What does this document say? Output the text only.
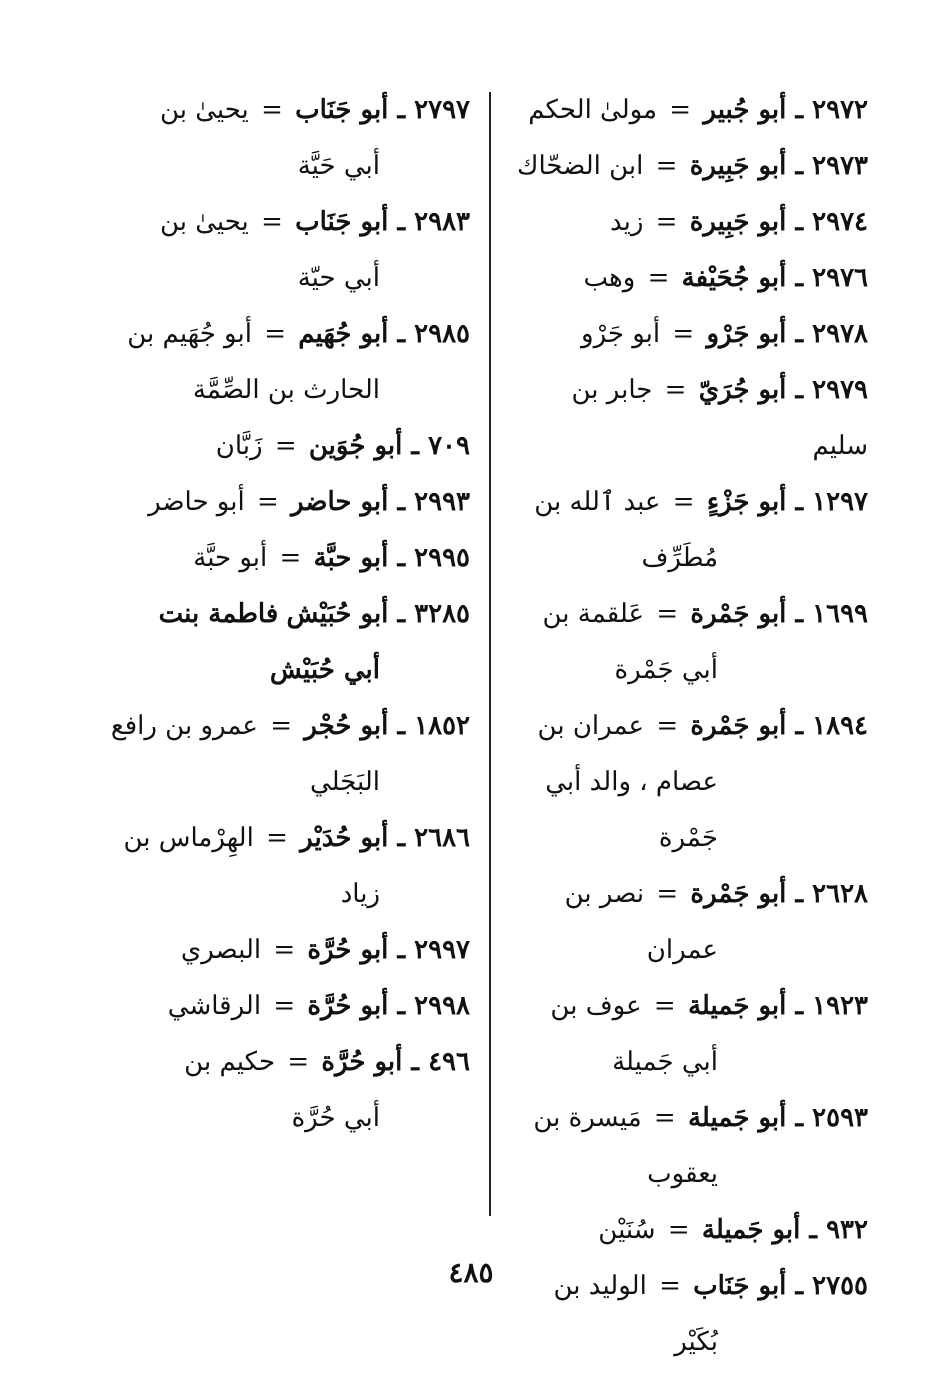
٢٩٧٢ ـ أبو جُبير = مولىٰ الحكم

٢٩٧٣ ـ أبو جَبِيرة = ابن الضحّاك

٢٩٧٤ ـ أبو جَبِيرة = زيد

٢٩٧٦ ـ أبو جُحَيْفة = وهب

٢٩٧٨ ـ أبو جَرْو = أبو جَرْو

٢٩٧٩ ـ أبو جُرَيّ = جابر بن سليم

١٢٩٧ ـ أبو جَزْءٍ = عبد ٱلله بن
مُطَرِّف

١٦٩٩ ـ أبو جَمْرة = عَلقمة بن
أبي جَمْرة

١٨٩٤ ـ أبو جَمْرة = عمران بن
عصام ، والد أبي جَمْرة

٢٦٢٨ ـ أبو جَمْرة = نصر بن
عمران

١٩٢٣ ـ أبو جَميلة = عوف بن
أبي جَميلة

٢٥٩٣ ـ أبو جَميلة = مَيسرة بن
يعقوب

٩٣٢ ـ أبو جَميلة = سُنَيْن

٢٧٥٥ ـ أبو جَنَاب = الوليد بن
بُكَيْر

٢٧٩٧ ـ أبو جَنَاب = يحيىٰ بن
أبي حَيَّة

٢٩٨٣ ـ أبو جَنَاب = يحيىٰ بن
أبي حيّة

٢٩٨٥ ـ أبو جُهَيم = أبو جُهَيم بن
الحارث بن الصِّمَّة

٧٠٩ ـ أبو جُوَين = زَبَّان

٢٩٩٣ ـ أبو حاضر = أبو حاضر

٢٩٩٥ ـ أبو حبَّة = أبو حبَّة

٣٢٨٥ ـ أبو حُبَيْش فاطمة بنت
أبي حُبَيْش

١٨٥٢ ـ أبو حُجْر = عمرو بن رافع
البَجَلي

٢٦٨٦ ـ أبو حُدَيْر = الهِرْماس بن
زياد

٢٩٩٧ ـ أبو حُرَّة = البصري

٢٩٩٨ ـ أبو حُرَّة = الرقاشي

٤٩٦ ـ أبو حُرَّة = حكيم بن
أبي حُرَّة

٤٨٥
